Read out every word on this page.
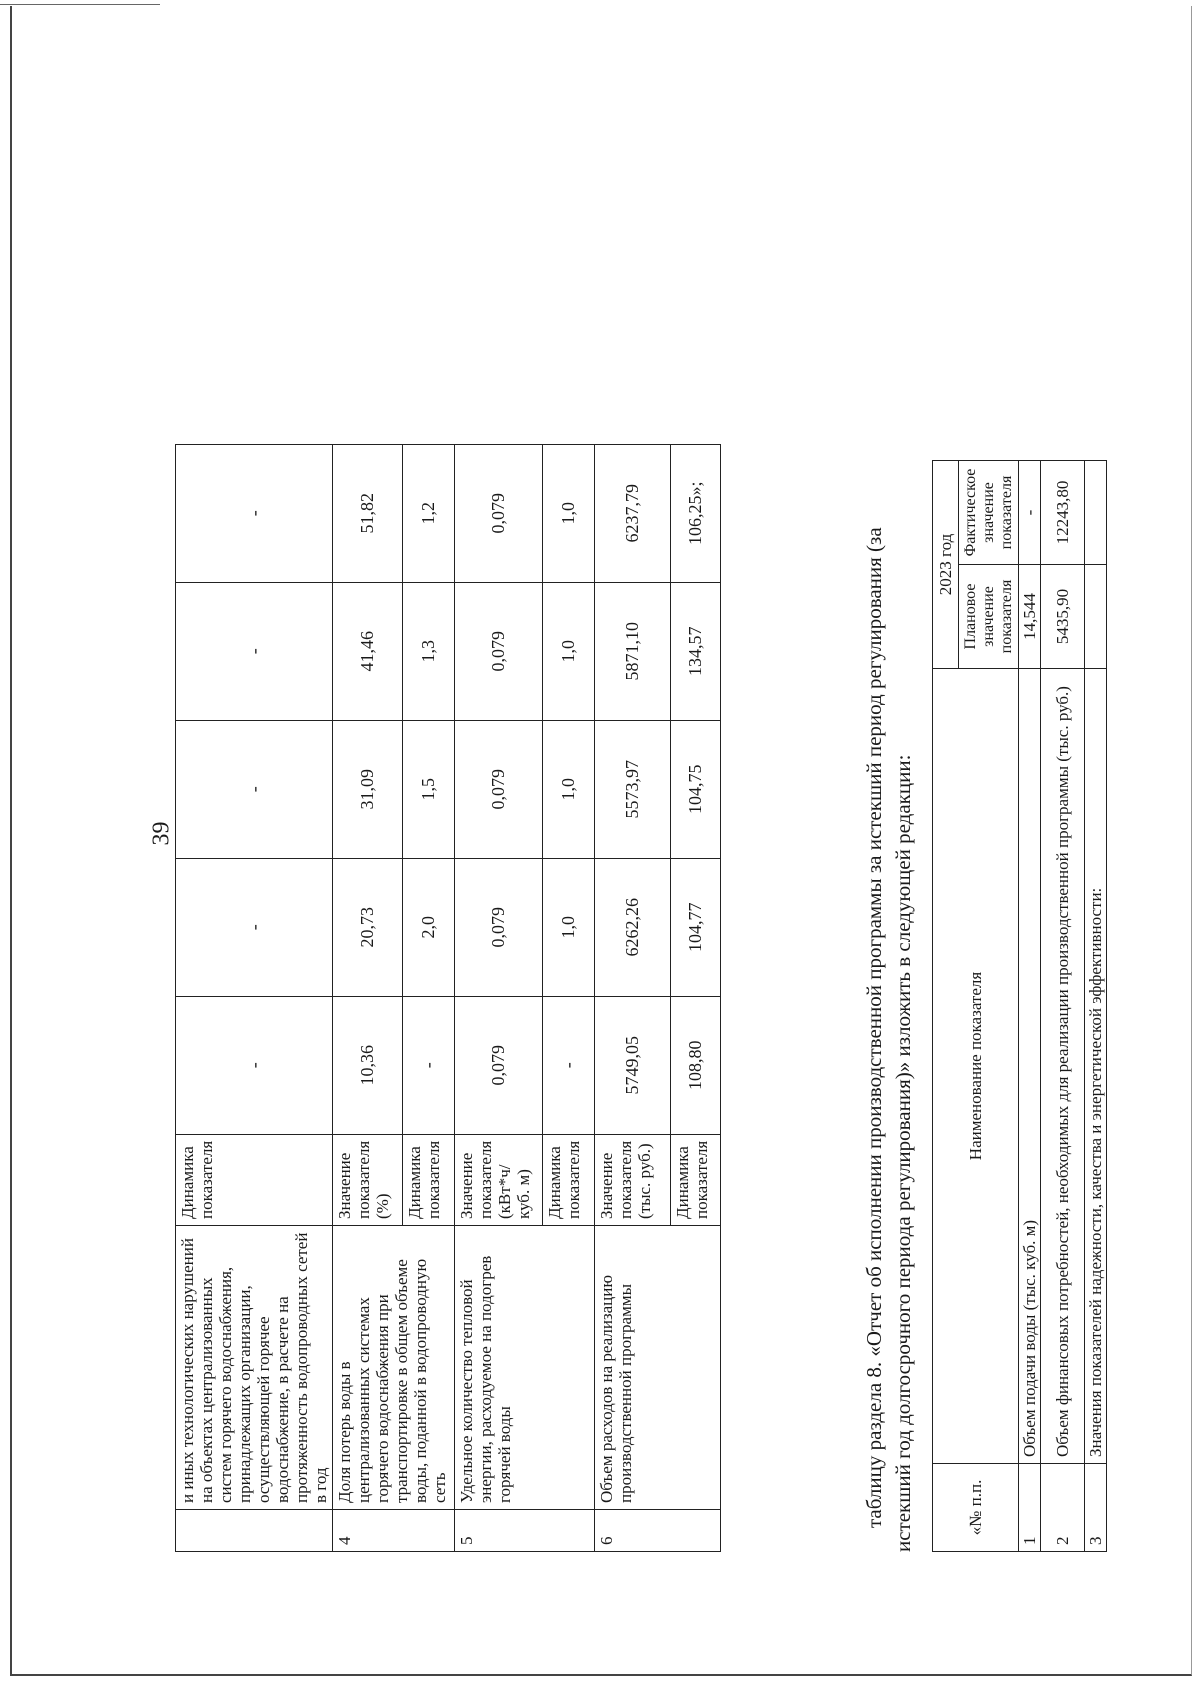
39
	и иных технологических нарушений на объектах централизованных систем горячего водоснабжения, принадлежащих организации, осуществляющей горячее водоснабжение, в расчете на протяженность водопроводных сетей в год	Динамика показателя	-	-	-	-	-
4	Доля потерь воды в централизованных системах горячего водоснабжения при транспортировке в общем объеме воды, поданной в водопроводную сеть	Значение показателя (%)	10,36	20,73	31,09	41,46	51,82
		Динамика показателя	-	2,0	1,5	1,3	1,2
5	Удельное количество тепловой энергии, расходуемое на подогрев горячей воды	Значение показателя (кВт*ч/куб. м)	0,079	0,079	0,079	0,079	0,079
		Динамика показателя	-	1,0	1,0	1,0	1,0
6	Объем расходов на реализацию производственной программы	Значение показателя (тыс. руб.)	5749,05	6262,26	5573,97	5871,10	6237,79
		Динамика показателя	108,80	104,77	104,75	134,57	106,25»;
таблицу раздела 8. «Отчет об исполнении производственной программы за истекший период регулирования (за истекший год долгосрочного периода регулирования)» изложить в следующей редакции:	«№ п.п.	Наименование показателя	2023 год	
		Плановое значение показателя	Фактическое значение показателя
1	Объем подачи воды (тыс. куб. м)	14,544	-
2	Объем финансовых потребностей, необходимых для реализации производственной программы (тыс. руб.)	5435,90	12243,80
3	Значения показателей надежности, качества и энергетической эффективности:		
